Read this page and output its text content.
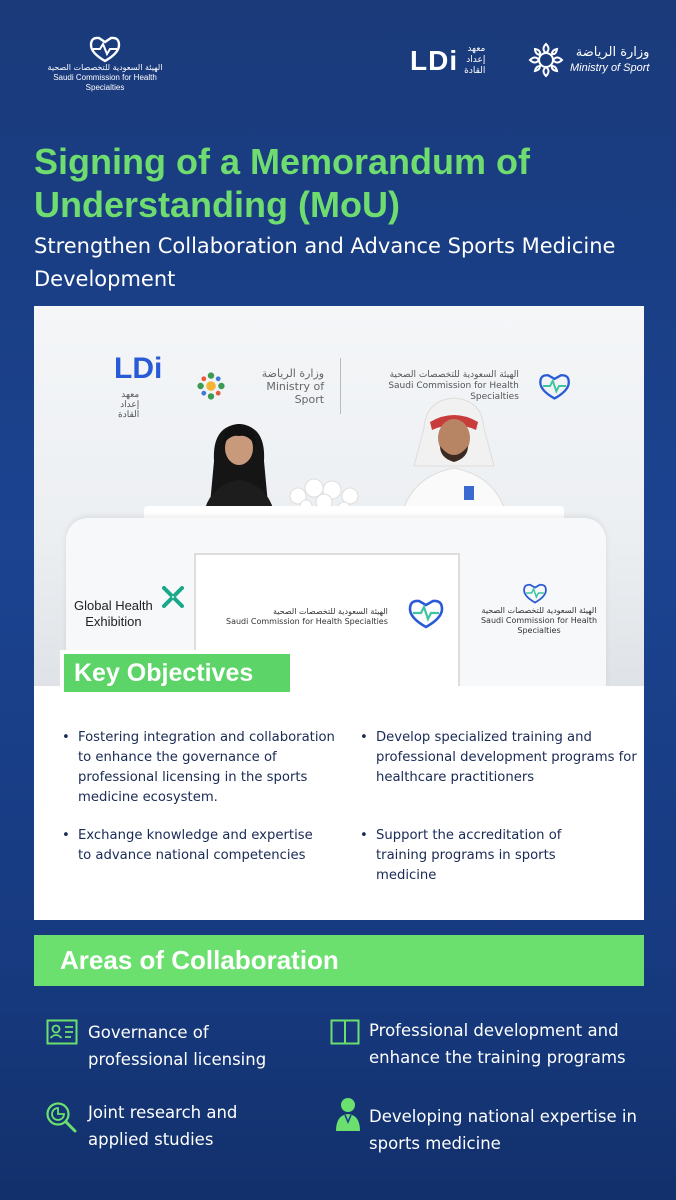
الهيئة السعودية للتخصصات الصحية
Saudi Commission for Health Specialties
LDi	معهد
إعداد
القادة
وزارة الرياضة
Ministry of Sport
Signing of a Memorandum of Understanding (MoU)

Strengthen Collaboration and Advance Sports Medicine Development

LDiمعهد
إعداد
القادة
وزارة الرياضة
Ministry of Sport
الهيئة السعودية للتخصصات الصحية
Saudi Commission for Health Specialties
Global Health
Exhibition
الهيئة السعودية للتخصصات الصحية
Saudi Commission for Health Specialties
الهيئة السعودية للتخصصات الصحية
Saudi Commission for Health Specialties
• Fostering integration and collaboration to enhance the governance of professional licensing in the sports medicine ecosystem.
• Develop specialized training and professional development programs for healthcare practitioners
• Exchange knowledge and expertise to advance national competencies
• Support the accreditation of training programs in sports medicine
Key Objectives
Areas of Collaboration
Governance of professional licensing
Professional development and enhance the training programs
Joint research and applied studies
Developing national expertise in sports medicine
